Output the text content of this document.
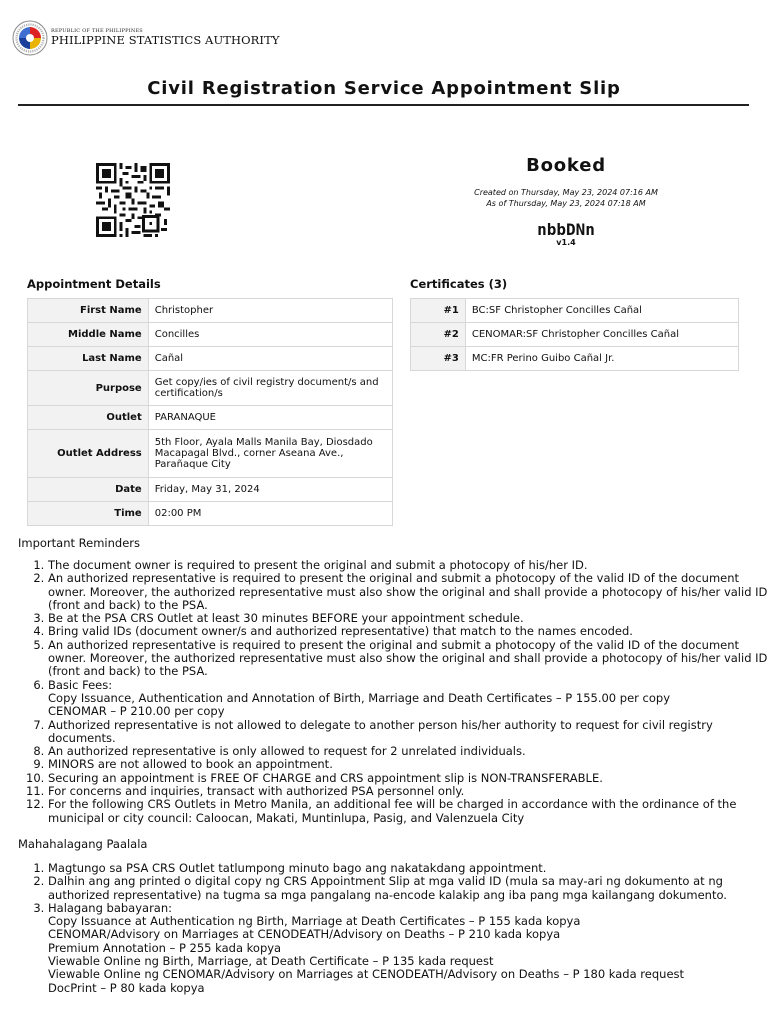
REPUBLIC OF THE PHILIPPINES
PHILIPPINE STATISTICS AUTHORITY
Civil Registration Service Appointment Slip
Booked
Created on Thursday, May 23, 2024 07:16 AM
As of Thursday, May 23, 2024 07:18 AM
nbbDNn
v1.4
Appointment Details
First Name	Christopher
Middle Name	Concilles
Last Name	Cañal
Purpose	Get copy/ies of civil registry document/s and certification/s
Outlet	PARANAQUE
Outlet Address	5th Floor, Ayala Malls Manila Bay, Diosdado Macapagal Blvd., corner Aseana Ave., Parañaque City
Date	Friday, May 31, 2024
Time	02:00 PM
Certificates (3)
#1	BC:SF Christopher Concilles Cañal
#2	CENOMAR:SF Christopher Concilles Cañal
#3	MC:FR Perino Guibo Cañal Jr.
Important Reminders
1. The document owner is required to present the original and submit a photocopy of his/her ID.
2. An authorized representative is required to present the original and submit a photocopy of the valid ID of the document owner. Moreover, the authorized representative must also show the original and shall provide a photocopy of his/her valid ID (front and back) to the PSA.
3. Be at the PSA CRS Outlet at least 30 minutes BEFORE your appointment schedule.
4. Bring valid IDs (document owner/s and authorized representative) that match to the names encoded.
5. An authorized representative is required to present the original and submit a photocopy of the valid ID of the document owner. Moreover, the authorized representative must also show the original and shall provide a photocopy of his/her valid ID (front and back) to the PSA.
6. Basic Fees:
Copy Issuance, Authentication and Annotation of Birth, Marriage and Death Certificates – P 155.00 per copy
CENOMAR – P 210.00 per copy
7. Authorized representative is not allowed to delegate to another person his/her authority to request for civil registry documents.
8. An authorized representative is only allowed to request for 2 unrelated individuals.
9. MINORS are not allowed to book an appointment.
10. Securing an appointment is FREE OF CHARGE and CRS appointment slip is NON-TRANSFERABLE.
11. For concerns and inquiries, transact with authorized PSA personnel only.
12. For the following CRS Outlets in Metro Manila, an additional fee will be charged in accordance with the ordinance of the municipal or city council: Caloocan, Makati, Muntinlupa, Pasig, and Valenzuela City
Mahahalagang Paalala
1. Magtungo sa PSA CRS Outlet tatlumpong minuto bago ang nakatakdang appointment.
2. Dalhin ang ang printed o digital copy ng CRS Appointment Slip at mga valid ID (mula sa may-ari ng dokumento at ng authorized representative) na tugma sa mga pangalang na-encode kalakip ang iba pang mga kailangang dokumento.
3. Halagang babayaran:
Copy Issuance at Authentication ng Birth, Marriage at Death Certificates – P 155 kada kopya
CENOMAR/Advisory on Marriages at CENODEATH/Advisory on Deaths – P 210 kada kopya
Premium Annotation – P 255 kada kopya
Viewable Online ng Birth, Marriage, at Death Certificate – P 135 kada request
Viewable Online ng CENOMAR/Advisory on Marriages at CENODEATH/Advisory on Deaths – P 180 kada request
DocPrint – P 80 kada kopya
